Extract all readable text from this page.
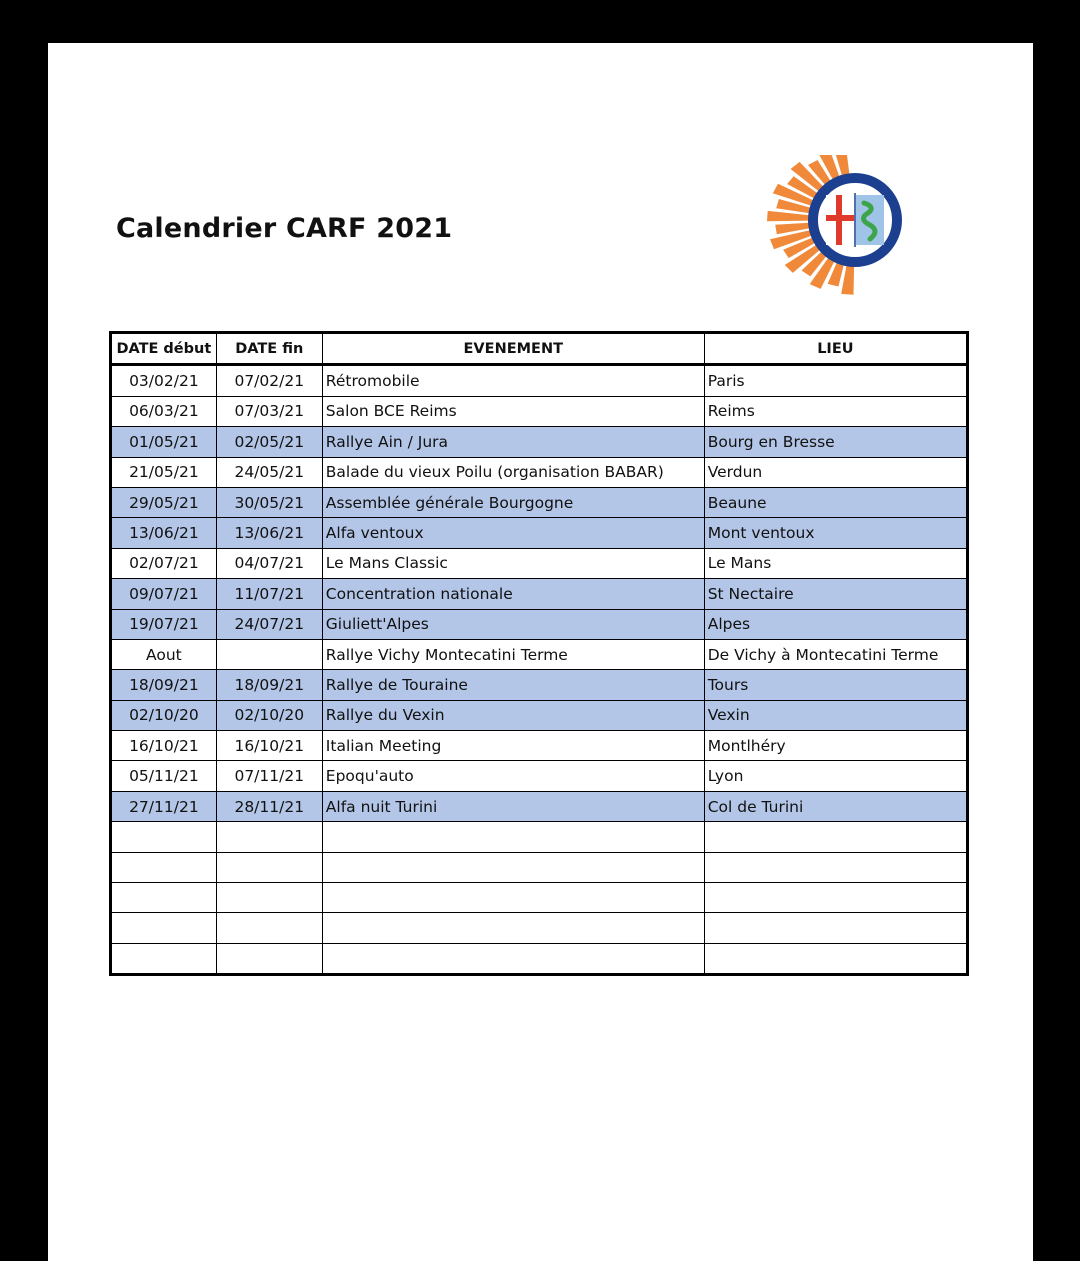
Calendrier CARF 2021
DATE début	DATE fin	EVENEMENT	LIEU
03/02/21	07/02/21	Rétromobile	Paris
06/03/21	07/03/21	Salon BCE Reims	Reims
01/05/21	02/05/21	Rallye Ain / Jura	Bourg en Bresse
21/05/21	24/05/21	Balade du vieux Poilu (organisation BABAR)	Verdun
29/05/21	30/05/21	Assemblée générale Bourgogne	Beaune
13/06/21	13/06/21	Alfa ventoux	Mont ventoux
02/07/21	04/07/21	Le Mans Classic	Le Mans
09/07/21	11/07/21	Concentration nationale	St Nectaire
19/07/21	24/07/21	Giuliett'Alpes	Alpes
Aout		Rallye Vichy Montecatini Terme	De Vichy à Montecatini Terme
18/09/21	18/09/21	Rallye de Touraine	Tours
02/10/20	02/10/20	Rallye du Vexin	Vexin
16/10/21	16/10/21	Italian Meeting	Montlhéry
05/11/21	07/11/21	Epoqu'auto	Lyon
27/11/21	28/11/21	Alfa nuit Turini	Col de Turini
